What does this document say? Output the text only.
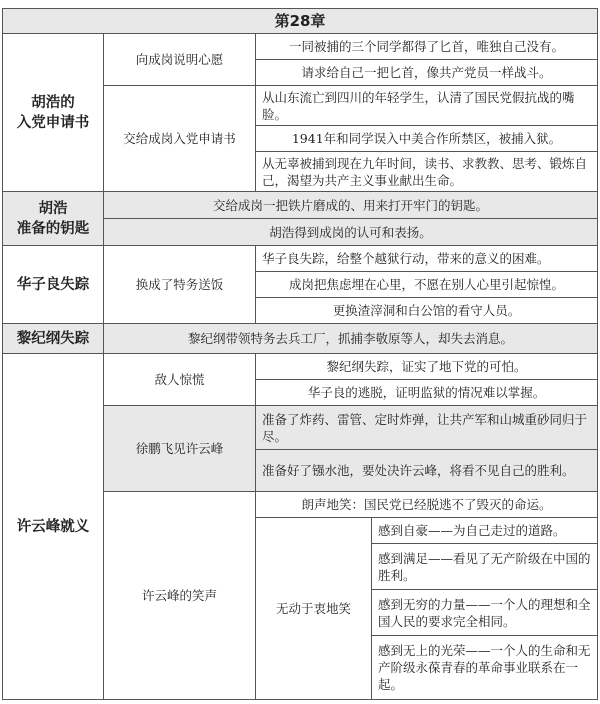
第28章
胡浩的
入党申请书
向成岗说明心愿
一同被捕的三个同学都得了匕首，唯独自己没有。
请求给自己一把匕首，像共产党员一样战斗。
交给成岗入党申请书
从山东流亡到四川的年轻学生，认清了国民党假抗战的嘴脸。
1941年和同学误入中美合作所禁区，被捕入狱。
从无辜被捕到现在九年时间，读书、求教教、思考、锻炼自己，渴望为共产主义事业献出生命。
胡浩
准备的钥匙
交给成岗一把铁片磨成的、用来打开牢门的钥匙。
胡浩得到成岗的认可和表扬。
华子良失踪	换成了特务送饭
华子良失踪，给整个越狱行动，带来的意义的困难。
成岗把焦虑埋在心里，不愿在别人心里引起惊惶。
更换渣滓洞和白公馆的看守人员。
黎纪纲失踪	黎纪纲带领特务去兵工厂，抓捕李敬原等人，却失去消息。
许云峰就义
敌人惊慌
黎纪纲失踪，证实了地下党的可怕。
华子良的逃脱，证明监狱的情况难以掌握。
徐鹏飞见许云峰
准备了炸药、雷管、定时炸弹，让共产军和山城重砂同归于尽。
准备好了镪水池，要处决许云峰，将看不见自己的胜利。
许云峰的笑声
朗声地笑：国民党已经脱逃不了毁灭的命运。
无动于衷地笑
感到自豪——为自己走过的道路。
感到满足——看见了无产阶级在中国的胜利。
感到无穷的力量——一个人的理想和全国人民的要求完全相同。
感到无上的光荣——一个人的生命和无产阶级永葆青春的革命事业联系在一起。
